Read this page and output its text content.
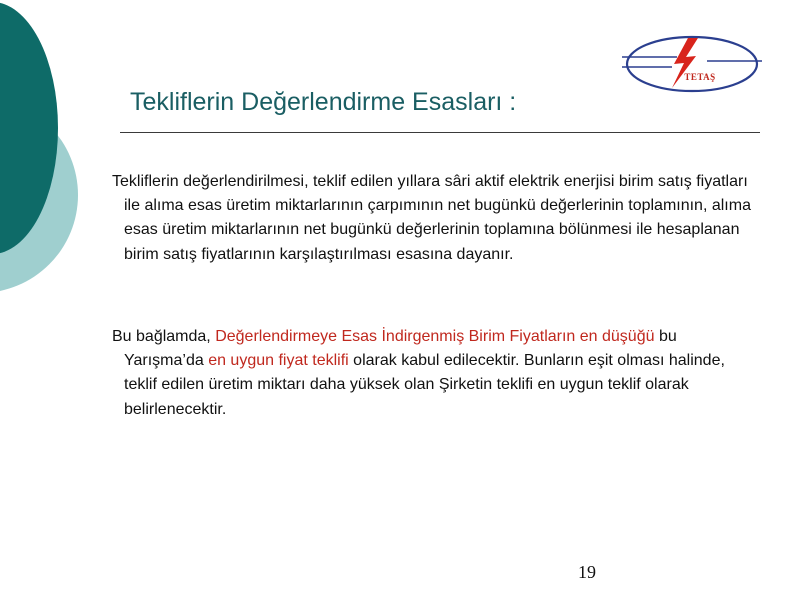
TETAŞ
Tekliflerin Değerlendirme Esasları :
Tekliflerin değerlendirilmesi, teklif edilen yıllara sâri aktif elektrik enerjisi birim satış fiyatları ile alıma esas üretim miktarlarının çarpımının net bugünkü değerlerinin toplamının, alıma esas üretim miktarlarının net bugünkü değerlerinin toplamına bölünmesi ile hesaplanan birim satış fiyatlarının karşılaştırılması esasına dayanır.
Bu bağlamda, Değerlendirmeye Esas İndirgenmiş Birim Fiyatların en düşüğü bu Yarışma’da en uygun fiyat teklifi olarak kabul edilecektir. Bunların eşit olması halinde, teklif edilen üretim miktarı daha yüksek olan Şirketin teklifi en uygun teklif olarak belirlenecektir.
19
